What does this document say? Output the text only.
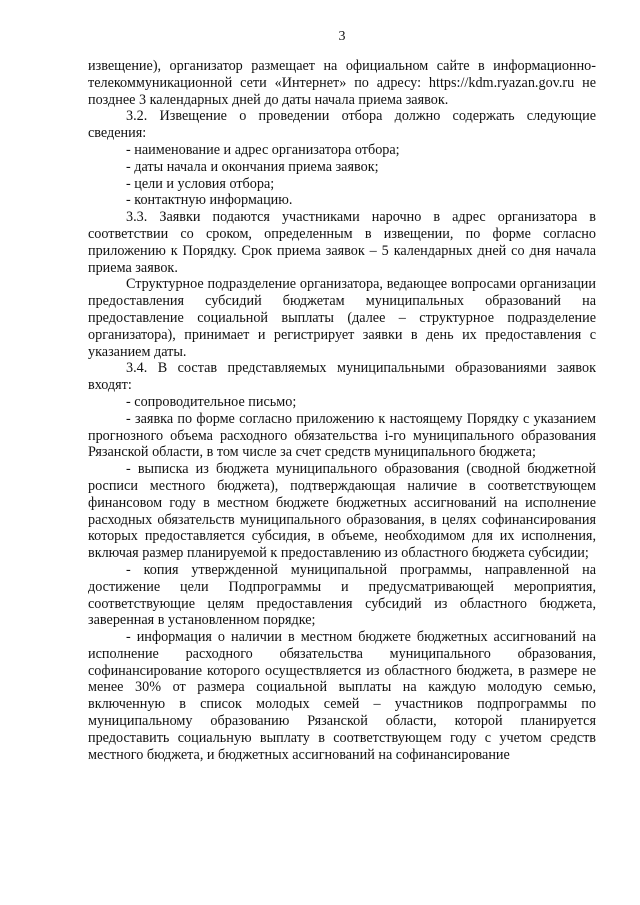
3

извещение), организатор размещает на официальном сайте в информационно-телекоммуникационной сети «Интернет» по адресу: https://kdm.ryazan.gov.ru не позднее 3 календарных дней до даты начала приема заявок.

3.2. Извещение о проведении отбора должно содержать следующие сведения:

- наименование и адрес организатора отбора;

- даты начала и окончания приема заявок;

- цели и условия отбора;

- контактную информацию.

3.3. Заявки подаются участниками нарочно в адрес организатора в соответствии со сроком, определенным в извещении, по форме согласно приложению к Порядку. Срок приема заявок – 5 календарных дней со дня начала приема заявок.

Структурное подразделение организатора, ведающее вопросами организации предоставления субсидий бюджетам муниципальных образований на предоставление социальной выплаты (далее – структурное подразделение организатора), принимает и регистрирует заявки в день их предоставления с указанием даты.

3.4. В состав представляемых муниципальными образованиями заявок входят:

- сопроводительное письмо;

- заявка по форме согласно приложению к настоящему Порядку с указанием прогнозного объема расходного обязательства i-го муниципального образования Рязанской области, в том числе за счет средств муниципального бюджета;

- выписка из бюджета муниципального образования (сводной бюджетной росписи местного бюджета), подтверждающая наличие в соответствующем финансовом году в местном бюджете бюджетных ассигнований на исполнение расходных обязательств муниципального образования, в целях софинансирования которых предоставляется субсидия, в объеме, необходимом для их исполнения, включая размер планируемой к предоставлению из областного бюджета субсидии;

- копия утвержденной муниципальной программы, направленной на достижение цели Подпрограммы и предусматривающей мероприятия, соответствующие целям предоставления субсидий из областного бюджета, заверенная в установленном порядке;

- информация о наличии в местном бюджете бюджетных ассигнований на исполнение расходного обязательства муниципального образования, софинансирование которого осуществляется из областного бюджета, в размере не менее 30% от размера социальной выплаты на каждую молодую семью, включенную в список молодых семей – участников подпрограммы по муниципальному образованию Рязанской области, которой планируется предоставить социальную выплату в соответствующем году с учетом средств местного бюджета, и бюджетных ассигнований на софинансирование
